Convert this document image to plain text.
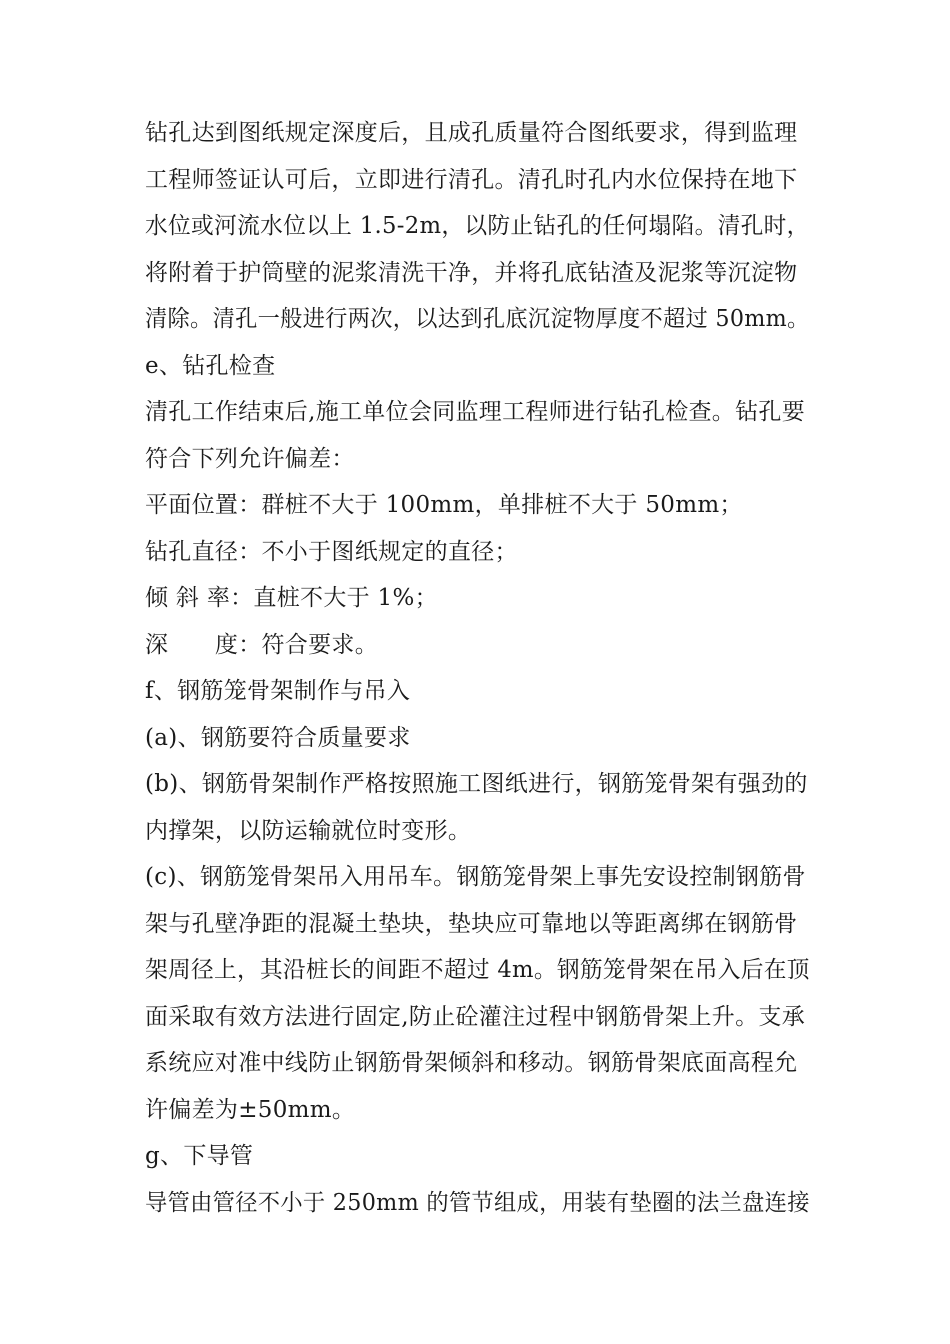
钻孔达到图纸规定深度后，且成孔质量符合图纸要求，得到监理
工程师签证认可后，立即进行清孔。清孔时孔内水位保持在地下
水位或河流水位以上 1.5-2m，以防止钻孔的任何塌陷。清孔时，
将附着于护筒壁的泥浆清洗干净，并将孔底钻渣及泥浆等沉淀物
清除。清孔一般进行两次，以达到孔底沉淀物厚度不超过 50mm。
e、钻孔检查
清孔工作结束后,施工单位会同监理工程师进行钻孔检查。钻孔要
符合下列允许偏差：
平面位置：群桩不大于 100mm，单排桩不大于 50mm；
钻孔直径：不小于图纸规定的直径；
倾 斜 率：直桩不大于 1%；
深　　度：符合要求。
f、钢筋笼骨架制作与吊入
(a)、钢筋要符合质量要求
(b)、钢筋骨架制作严格按照施工图纸进行，钢筋笼骨架有强劲的
内撑架，以防运输就位时变形。
(c)、钢筋笼骨架吊入用吊车。钢筋笼骨架上事先安设控制钢筋骨
架与孔壁净距的混凝土垫块，垫块应可靠地以等距离绑在钢筋骨
架周径上，其沿桩长的间距不超过 4m。钢筋笼骨架在吊入后在顶
面采取有效方法进行固定,防止砼灌注过程中钢筋骨架上升。支承
系统应对准中线防止钢筋骨架倾斜和移动。钢筋骨架底面高程允
许偏差为±50mm。
g、下导管
导管由管径不小于 250mm 的管节组成，用装有垫圈的法兰盘连接
